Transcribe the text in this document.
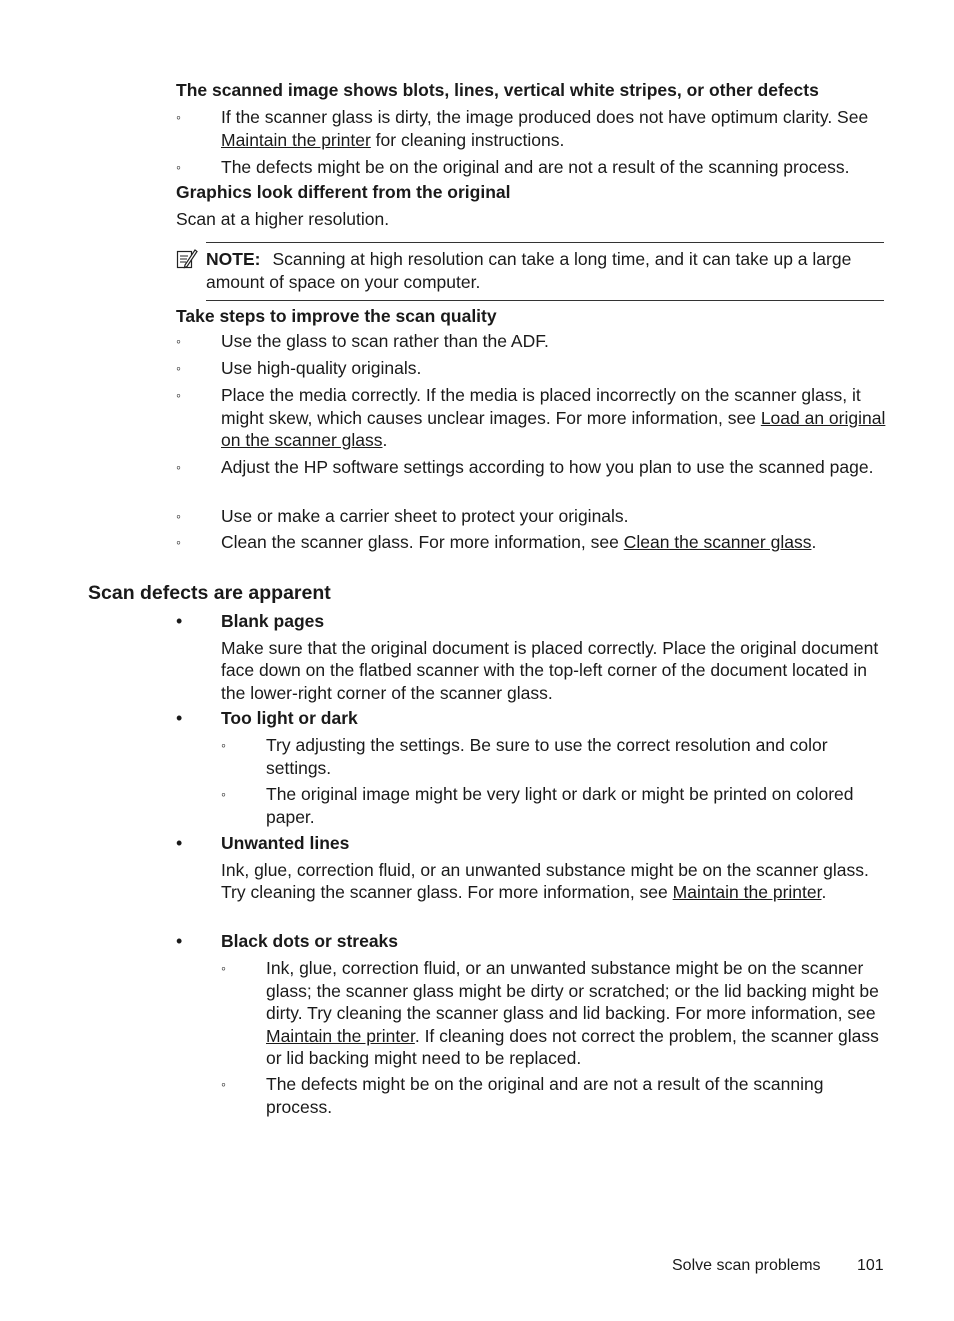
The scanned image shows blots, lines, vertical white stripes, or other defects

◦ If the scanner glass is dirty, the image produced does not have optimum clarity. See Maintain the printer for cleaning instructions.
◦ The defects might be on the original and are not a result of the scanning process.

Graphics look different from the original

Scan at a higher resolution.

NOTE: Scanning at high resolution can take a long time, and it can take up a large amount of space on your computer.

Take steps to improve the scan quality

◦ Use the glass to scan rather than the ADF.
◦ Use high-quality originals.
◦ Place the media correctly. If the media is placed incorrectly on the scanner glass, it might skew, which causes unclear images. For more information, see Load an original on the scanner glass.
◦ Adjust the HP software settings according to how you plan to use the scanned page.
◦ Use or make a carrier sheet to protect your originals.
◦ Clean the scanner glass. For more information, see Clean the scanner glass.

Scan defects are apparent

• Blank pages
Make sure that the original document is placed correctly. Place the original document face down on the flatbed scanner with the top-left corner of the document located in the lower-right corner of the scanner glass.
• Too light or dark
◦ Try adjusting the settings. Be sure to use the correct resolution and color settings.
◦ The original image might be very light or dark or might be printed on colored paper.
• Unwanted lines
Ink, glue, correction fluid, or an unwanted substance might be on the scanner glass. Try cleaning the scanner glass. For more information, see Maintain the printer.
• Black dots or streaks
◦ Ink, glue, correction fluid, or an unwanted substance might be on the scanner glass; the scanner glass might be dirty or scratched; or the lid backing might be dirty. Try cleaning the scanner glass and lid backing. For more information, see Maintain the printer. If cleaning does not correct the problem, the scanner glass or lid backing might need to be replaced.
◦ The defects might be on the original and are not a result of the scanning process.
Solve scan problems 101
